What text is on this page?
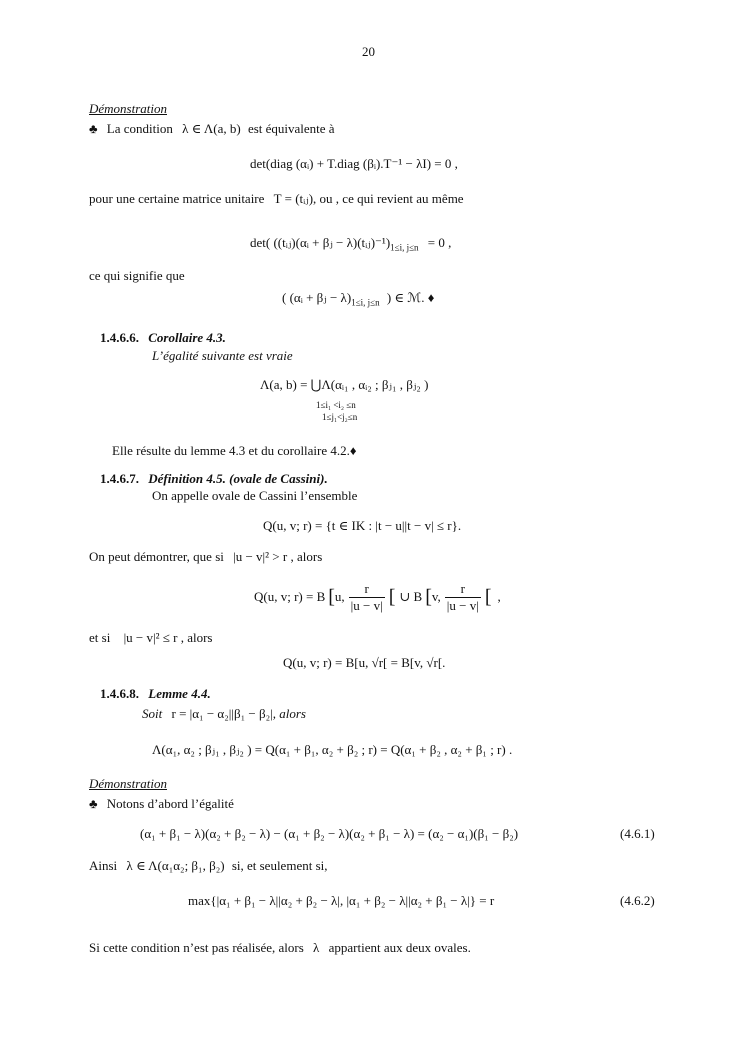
20
Démonstration
♣ La condition λ ∈ Λ(a, b) est équivalente à
det(diag (αᵢ) + T.diag (βᵢ).T⁻¹ − λI) = 0 ,
pour une certaine matrice unitaire T = (tᵢⱼ), ou , ce qui revient au même
det( ((tᵢⱼ)(αᵢ + βⱼ − $\lambda)(tᵢⱼ)^{-1})_{1\le i, j\le n} = 0$ ,
ce qui signifie que
( (αᵢ + βⱼ − $\lambda)_{1\le i, j\le n}$ ) ∈ ℳ. ♦
1.4.6.6. Corollaire 4.3.
L’égalité suivante est vraie
Λ(a, b) = ⋃Λ(αᵢ₁ , αᵢ₂ ; βⱼ₁ , βⱼ₂ )
1≤i₁ <i₂ ≤n
1≤j₁<j₂≤n
Elle résulte du lemme 4.3 et du corollaire 4.2.♦
1.4.6.7. Définition 4.5. (ovale de Cassini).
On appelle ovale de Cassini l’ensemble
Q(u, v; r) = {t ∈ IK : |t − u||t − v| ≤ r}.
On peut démontrer, que si |u − v|² > r , alors
Q(u, v; r) = B [ u, $\frac{r}{|u - v|}$ [ ∪ B [ v, $\frac{r}{|u - v|}$ [ ,
et si |u − v|² ≤ r , alors
Q(u, v; r) = B[u, √r[ = B[v, √r[.
1.4.6.8. Lemme 4.4.
Soit r = |α₁ − α₂||β₁ − β₂|, alors
Λ(α₁, α₂ ; βⱼ₁ , βⱼ₂ ) = Q(α₁ + β₁, α₂ + β₂ ; r) = Q(α₁ + β₂ , α₂ + β₁ ; r) .
Démonstration
♣ Notons d’abord l’égalité
(α₁ + β₁ − λ)(α₂ + β₂ − λ) − (α₁ + β₂ − λ)(α₂ + β₁ − λ) = (α₂ − α₁)(β₁ − β₂)	(4.6.1)
Ainsi λ ∈ Λ(α₁α₂; β₁, β₂) si, et seulement si,
max{|α₁ + β₁ − λ||α₂ + β₂ − λ|, |α₁ + β₂ − λ||α₂ + β₁ − λ|} = r	(4.6.2)
Si cette condition n’est pas réalisée, alors λ appartient aux deux ovales.
